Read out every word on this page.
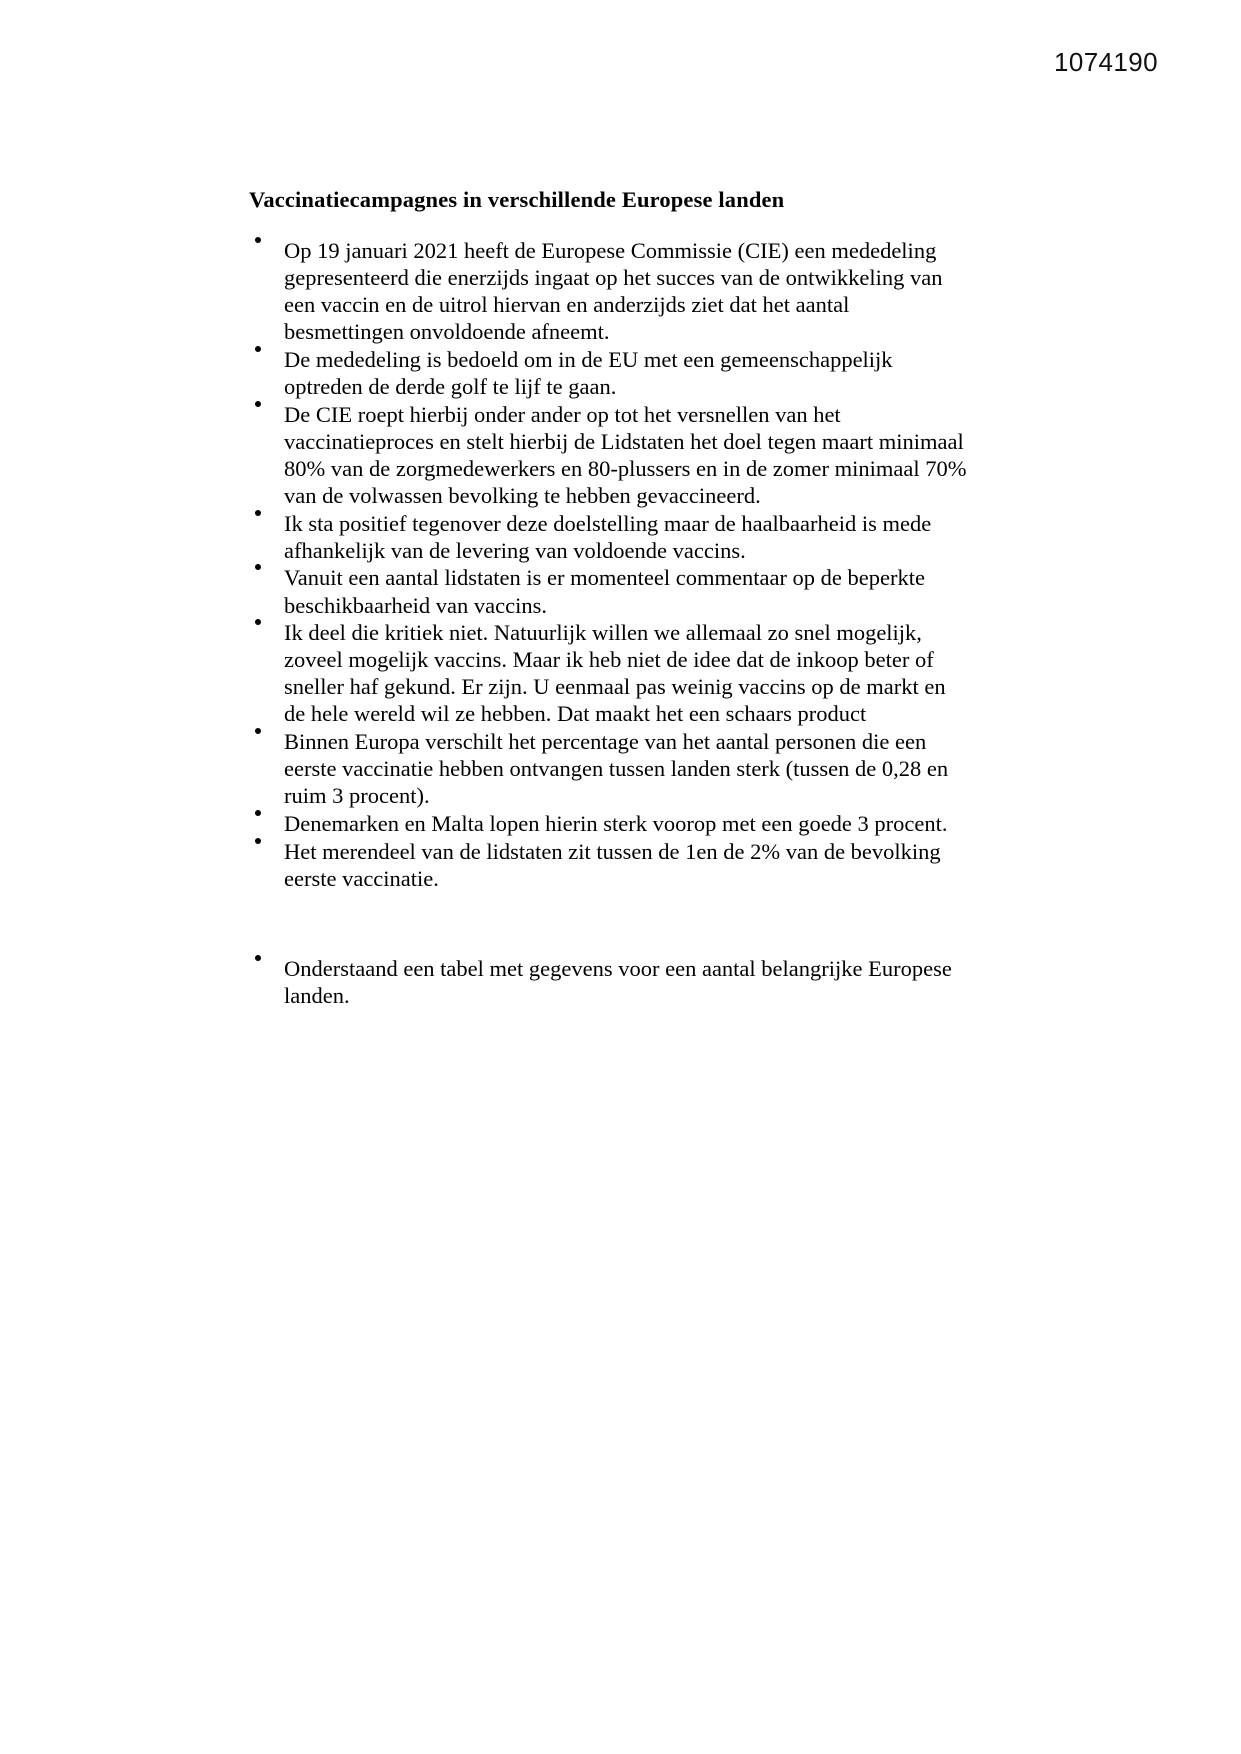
1074190
Vaccinatiecampagnes in verschillende Europese landen
Op 19 januari 2021 heeft de Europese Commissie (CIE) een mededeling gepresenteerd die enerzijds ingaat op het succes van de ontwikkeling van een vaccin en de uitrol hiervan en anderzijds ziet dat het aantal besmettingen onvoldoende afneemt.
De mededeling is bedoeld om in de EU met een gemeenschappelijk optreden de derde golf te lijf te gaan.
De CIE roept hierbij onder ander op tot het versnellen van het vaccinatieproces en stelt hierbij de Lidstaten het doel tegen maart minimaal 80% van de zorgmedewerkers en 80-plussers en in de zomer minimaal 70% van de volwassen bevolking te hebben gevaccineerd.
Ik sta positief tegenover deze doelstelling maar de haalbaarheid is mede afhankelijk van de levering van voldoende vaccins.
Vanuit een aantal lidstaten is er momenteel commentaar op de beperkte beschikbaarheid van vaccins.
Ik deel die kritiek niet. Natuurlijk willen we allemaal zo snel mogelijk, zoveel mogelijk vaccins. Maar ik heb niet de idee dat de inkoop beter of sneller haf gekund. Er zijn. U eenmaal pas weinig vaccins op de markt en de hele wereld wil ze hebben. Dat maakt het een schaars product
Binnen Europa verschilt het percentage van het aantal personen die een eerste vaccinatie hebben ontvangen tussen landen sterk (tussen de 0,28 en ruim 3 procent).
Denemarken en Malta lopen hierin sterk voorop met een goede 3 procent.
Het merendeel van de lidstaten zit tussen de 1en de 2% van de bevolking eerste vaccinatie.
Onderstaand een tabel met gegevens voor een aantal belangrijke Europese landen.
